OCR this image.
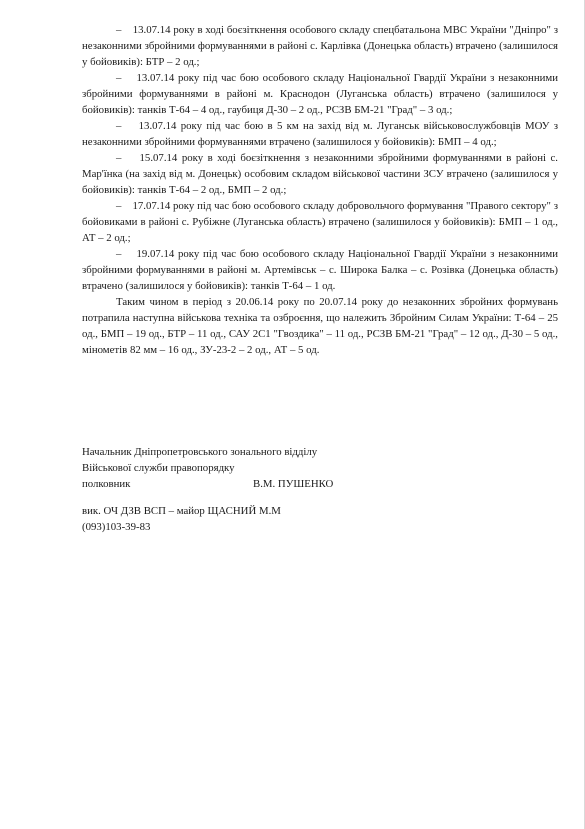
–    13.07.14 року в ході боєзіткнення особового складу спецбатальона МВС України "Дніпро" з незаконними збройними формуваннями в районі с. Карлівка (Донецька область) втрачено (залишилося у бойовиків): БТР – 2 од.;

–    13.07.14 року під час бою особового складу Національної Гвардії України з незаконними збройними формуваннями в районі м. Краснодон (Луганська область) втрачено (залишилося у бойовиків): танків Т-64 – 4 од., гаубиця Д-30 – 2 од., РСЗВ БМ-21 "Град" – 3 од.;

–    13.07.14 року під час бою в 5 км на захід від м. Луганськ військовослужбовців МОУ з незаконними збройними формуваннями втрачено (залишилося у бойовиків): БМП – 4 од.;

–    15.07.14 року в ході боєзіткнення з незаконними збройними формуваннями в районі с. Мар'їнка (на захід від м. Донецьк) особовим складом військової частини ЗСУ втрачено (залишилося у бойовиків): танків Т-64 – 2 од., БМП – 2 од.;

–    17.07.14 року під час бою особового складу добровольчого формування "Правого сектору" з бойовиками в районі с. Рубіжне (Луганська область) втрачено (залишилося у бойовиків): БМП – 1 од., АТ – 2 од.;

–    19.07.14 року під час бою особового складу Національної Гвардії України з незаконними збройними формуваннями в районі м. Артемівськ – с. Широка Балка – с. Розівка (Донецька область) втрачено (залишилося у бойовиків): танків Т-64 – 1 од.

Таким чином в період з 20.06.14 року по 20.07.14 року до незаконних збройних формувань потрапила наступна військова техніка та озброєння, що належить Збройним Силам України: Т-64 – 25 од., БМП – 19 од., БТР – 11 од., САУ 2С1 "Гвоздика" – 11 од., РСЗВ БМ-21 "Град" – 12 од., Д-30 – 5 од., мінометів 82 мм – 16 од., ЗУ-23-2 – 2 од., АТ – 5 од.

Начальник Дніпропетровського зонального відділу
Військової служби правопорядку
полковник	В.М. ПУШЕНКО
вик. ОЧ ДЗВ ВСП – майор ЩАСНИЙ М.М
(093)103-39-83
